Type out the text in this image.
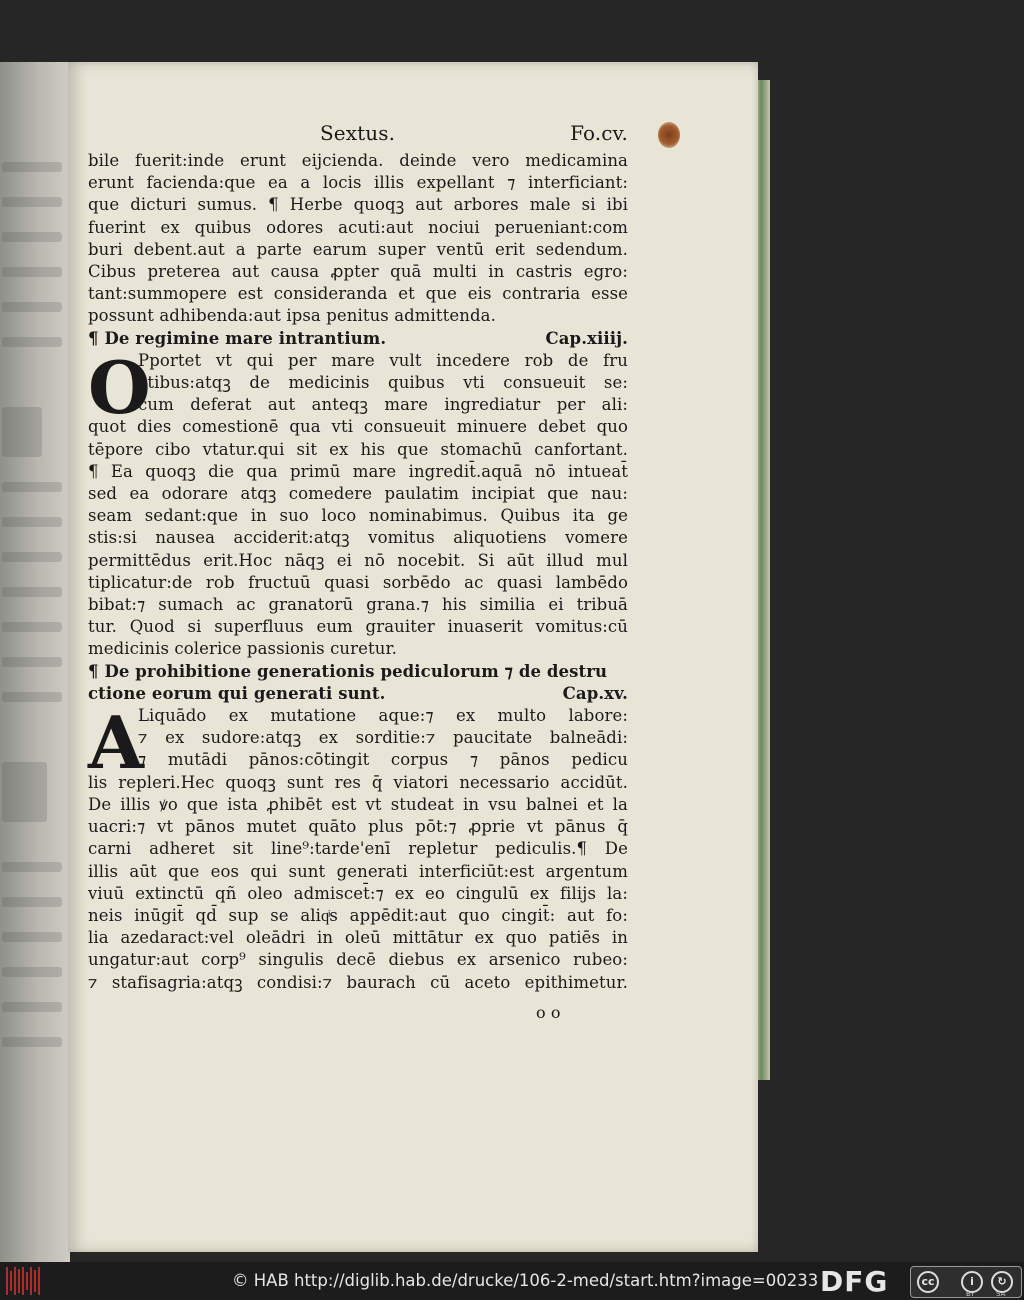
Sextus.	Fo.cv.
bile fuerit:inde erunt eijcienda. deinde vero medicamina
erunt facienda:que ea a locis illis expellant ⁊ interficiant:
que dicturi sumus. ¶ Herbe quoqꝫ aut arbores male si ibi
fuerint ex quibus odores acuti:aut nociui perueniant:com
buri debent.aut a parte earum super ventū erit sedendum.
Cibus preterea aut causa ꝓpter quā multi in castris egro:
tant:summopere est consideranda et que eis contraria esse
possunt adhibenda:aut ipsa penitus admittenda.
¶ De regimine mare intrantium.	Cap.xiiij.
O
Pportet vt qui per mare vult incedere rob de fru
ctibus:atqꝫ de medicinis quibus vti consueuit se:
cum deferat aut anteqꝫ mare ingrediatur per ali:
quot dies comestionē qua vti consueuit minuere debet quo
tēpore cibo vtatur.qui sit ex his que stomachū canfortant.
¶ Ea quoqꝫ die qua primū mare ingredit̄.aquā nō intueat̄
sed ea odorare atqꝫ comedere paulatim incipiat que nau:
seam sedant:que in suo loco nominabimus. Quibus ita ge
stis:si nausea acciderit:atqꝫ vomitus aliquotiens vomere
permittēdus erit.Hoc nāqꝫ ei nō nocebit. Si aūt illud mul
tiplicatur:de rob fructuū quasi sorbēdo ac quasi lambēdo
bibat:⁊ sumach ac granatorū grana.⁊ his similia ei tribuā
tur. Quod si superfluus eum grauiter inuaserit vomitus:cū
medicinis colerice passionis curetur.
¶ De prohibitione generationis pediculorum ⁊ de destru
ctione eorum qui generati sunt.	Cap.xv.
A
Liquādo ex mutatione aque:⁊ ex multo labore:
⁊ ex sudore:atqꝫ ex sorditie:⁊ paucitate balneādi:
⁊ mutādi pānos:cōtingit corpus ⁊ pānos pedicu
lis repleri.Hec quoqꝫ sunt res q̄ viatori necessario accidūt.
De illis ꝟo que ista ꝓhibēt est vt studeat in vsu balnei et la
uacri:⁊ vt pānos mutet quāto plus pōt:⁊ ꝓprie vt pānus q̄
carni adheret sit line⁹:tarde'enī repletur pediculis.¶ De
illis aūt que eos qui sunt generati interficiūt:est argentum
viuū extinctū qñ oleo admiscet̄:⁊ ex eo cingulū ex filijs la:
neis inūgit̄ qd̄ sup se aliqͥs appēdit:aut quo cingit̄: aut fo:
lia azedaract:vel oleādri in oleū mittātur ex quo patiēs in
ungatur:aut corp⁹ singulis decē diebus ex arsenico rubeo:
⁊ stafisagria:atqꝫ condisi:⁊ baurach cū aceto epithimetur.
o o
© HAB http://diglib.hab.de/drucke/106-2-med/start.htm?image=00233 DFG	cc	i	↻
BY	SA
